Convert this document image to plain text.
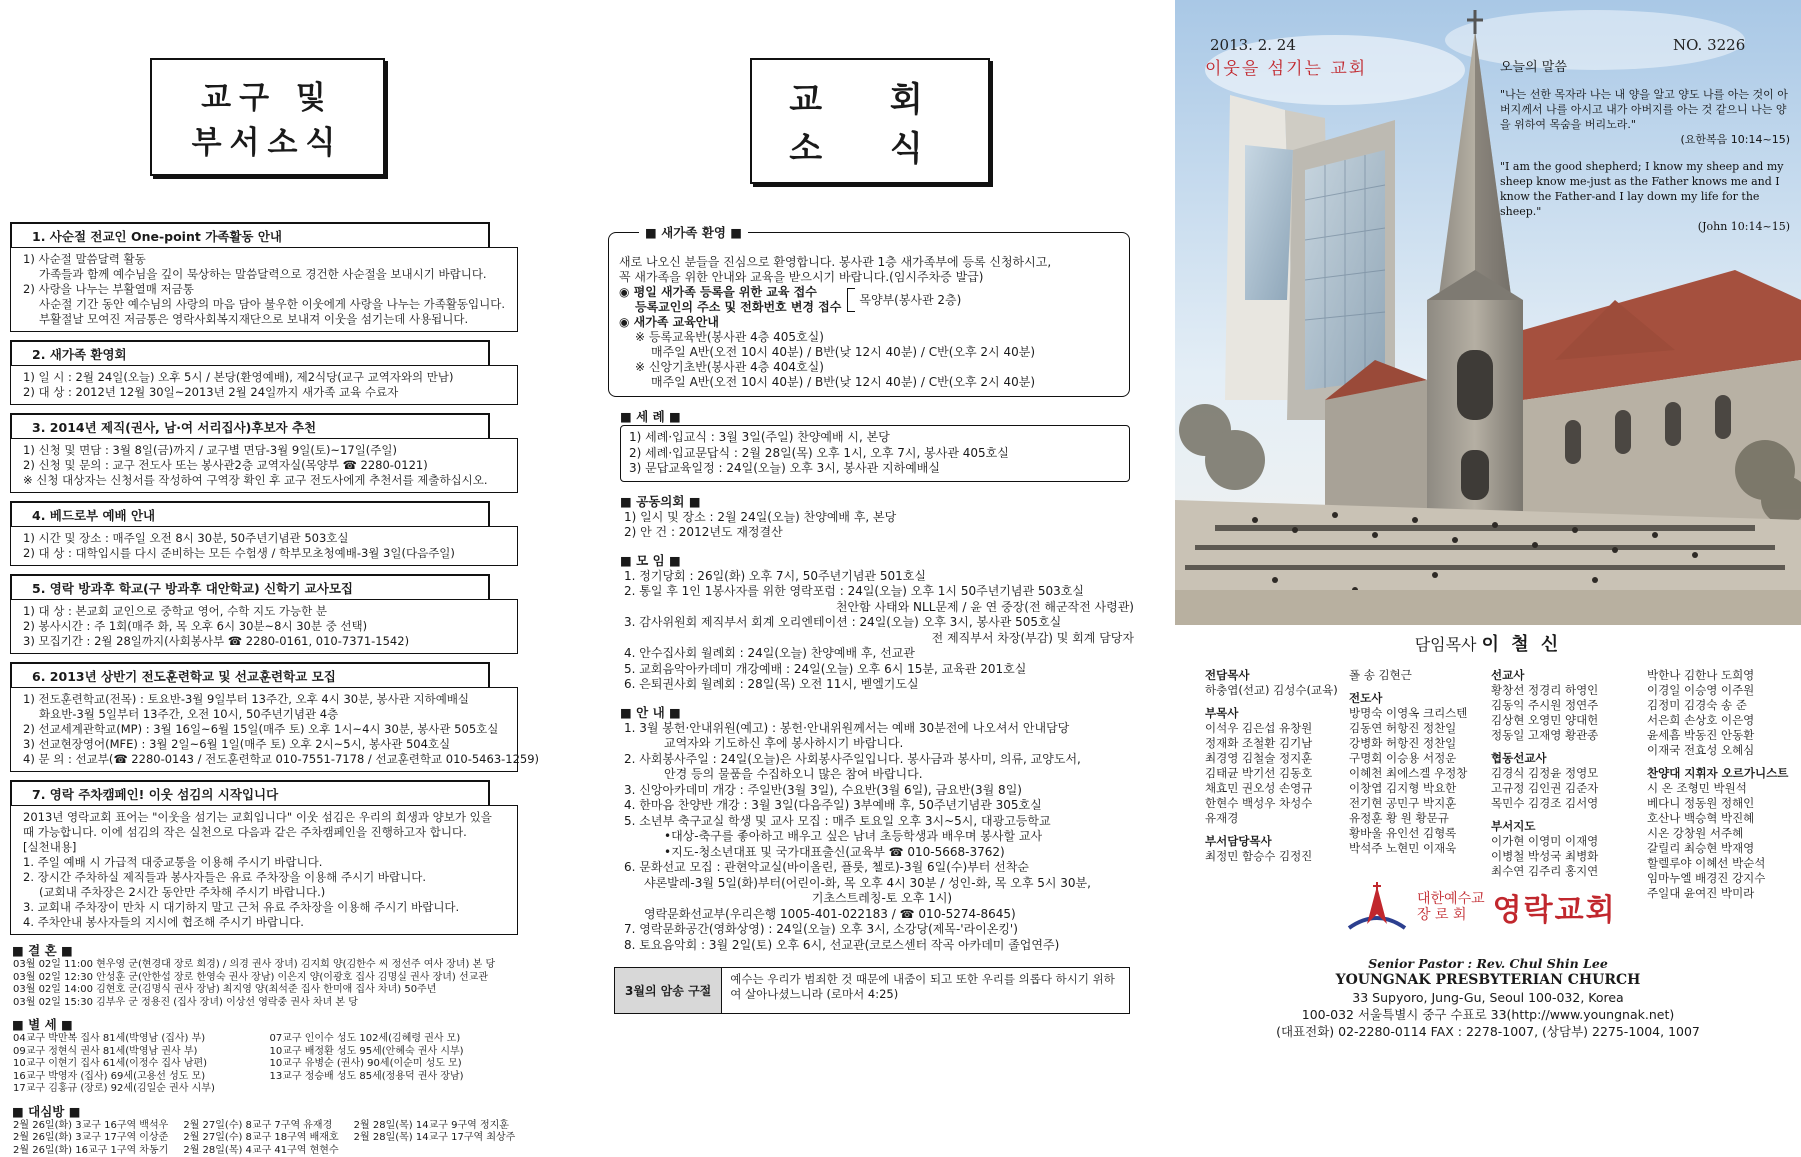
교구 및 부서소식
1. 사순절 전교인 One-point 가족활동 안내
1) 사순절 말씀달력 활동
가족들과 함께 예수님을 깊이 묵상하는 말씀달력으로 경건한 사순절을 보내시기 바랍니다.
2) 사랑을 나누는 부활열매 저금통
사순절 기간 동안 예수님의 사랑의 마음 담아 불우한 이웃에게 사랑을 나누는 가족활동입니다.
부활절날 모여진 저금통은 영락사회복지재단으로 보내져 이웃을 섬기는데 사용됩니다.
2. 새가족 환영회
1) 일 시 : 2월 24일(오늘) 오후 5시 / 본당(환영예배), 제2식당(교구 교역자와의 만남)
2) 대 상 : 2012년 12월 30일~2013년 2월 24일까지 새가족 교육 수료자
3. 2014년 제직(권사, 남·여 서리집사)후보자 추천
1) 신청 및 면담 : 3월 8일(금)까지 / 교구별 면담-3월 9일(토)~17일(주일)
2) 신청 및 문의 : 교구 전도사 또는 봉사관2층 교역자실(목양부 ☎ 2280-0121)
※ 신청 대상자는 신청서를 작성하여 구역장 확인 후 교구 전도사에게 추천서를 제출하십시오.
4. 베드로부 예배 안내
1) 시간 및 장소 : 매주일 오전 8시 30분, 50주년기념관 503호실
2) 대 상 : 대학입시를 다시 준비하는 모든 수험생 / 학부모초청예배-3월 3일(다음주일)
5. 영락 방과후 학교(구 방과후 대안학교) 신학기 교사모집
1) 대 상 : 본교회 교인으로 중학교 영어, 수학 지도 가능한 분
2) 봉사시간 : 주 1회(매주 화, 목 오후 6시 30분~8시 30분 중 선택)
3) 모집기간 : 2월 28일까지(사회봉사부 ☎ 2280-0161, 010-7371-1542)
6. 2013년 상반기 전도훈련학교 및 선교훈련학교 모집
1) 전도훈련학교(전목) : 토요반-3월 9일부터 13주간, 오후 4시 30분, 봉사관 지하예배실
화요반-3월 5일부터 13주간, 오전 10시, 50주년기념관 4층
2) 선교세계관학교(MP) : 3월 16일~6월 15일(매주 토) 오후 1시~4시 30분, 봉사관 505호실
3) 선교현장영어(MFE) : 3월 2일~6월 1일(매주 토) 오후 2시~5시, 봉사관 504호실
4) 문 의 : 선교부(☎ 2280-0143 / 전도훈련학교 010-7551-7178 / 선교훈련학교 010-5463-1259)
7. 영락 주차캠페인! 이웃 섬김의 시작입니다
2013년 영락교회 표어는 "이웃을 섬기는 교회입니다" 이웃 섬김은 우리의 희생과 양보가 있을
때 가능합니다. 이에 섬김의 작은 실천으로 다음과 같은 주차캠페인을 진행하고자 합니다.
[실천내용]
1. 주일 예배 시 가급적 대중교통을 이용해 주시기 바랍니다.
2. 장시간 주차하실 제직들과 봉사자들은 유료 주차장을 이용해 주시기 바랍니다.
(교회내 주차장은 2시간 동안만 주차해 주시기 바랍니다.)
3. 교회내 주차장이 만차 시 대기하지 말고 근처 유료 주차장을 이용해 주시기 바랍니다.
4. 주차안내 봉사자들의 지시에 협조해 주시기 바랍니다.
■ 결 혼 ■
03월 02일 11:00 현우영 군(현경대 장로 희경) / 의경 권사 장녀) 김지희 양(김한수 씨 정선주 여사 장녀) 본 당
03월 02일 12:30 안성훈 군(안한섭 장로 한영숙 권사 장남) 이은지 양(이광호 집사 김명실 권사 장녀) 선교관
03월 02일 14:00 김현호 군(김명식 권사 장남) 최지영 양(최석준 집사 한미애 집사 차녀) 50주년
03월 02일 15:30 김부우 군 정용진 (집사 장녀) 이상선 영락중 권사 차녀 본 당
■ 별 세 ■
04교구 박만복 집사 81세(박영남 (집사) 부)	07교구 인이수 성도 102세(김혜령 권사 모)
09교구 정현식 권사 81세(박영남 권사 부)	10교구 배정환 성도 95세(안혜숙 권사 시부)
10교구 이현기 집사 61세(이정수 집사 남편)	10교구 유병순 (권사) 90세(이순미 성도 모)
16교구 박영자 (집사) 69세(고용선 성도 모)	13교구 정승배 성도 85세(정용덕 권사 장남)
17교구 김홍규 (장로) 92세(김일순 권사 시부)
■ 대심방 ■
2월 26일(화) 3교구 16구역 백석우	2월 27일(수) 8교구 7구역 유재경	2월 28일(목) 14교구 9구역 정지훈
2월 26일(화) 3교구 17구역 이상준	2월 27일(수) 8교구 18구역 배재호	2월 28일(목) 14교구 17구역 최상주
2월 26일(화) 16교구 1구역 차동기	2월 28일(목) 4교구 41구역 현현수
교 회 소 식
■ 새가족 환영 ■
새로 나오신 분들을 진심으로 환영합니다. 봉사관 1층 새가족부에 등록 신청하시고,
꼭 새가족을 위한 안내와 교육을 받으시기 바랍니다.(임시주차증 발급)
◉ 평일 새가족 등록을 위한 교육 접수
등록교인의 주소 및 전화번호 변경 접수
목양부(봉사관 2층)
◉ 새가족 교육안내
※ 등록교육반(봉사관 4층 405호실)
매주일 A반(오전 10시 40분) / B반(낮 12시 40분) / C반(오후 2시 40분)
※ 신앙기초반(봉사관 4층 404호실)
매주일 A반(오전 10시 40분) / B반(낮 12시 40분) / C반(오후 2시 40분)
■ 세 례 ■
1) 세례·입교식 : 3월 3일(주일) 찬양예배 시, 본당
2) 세례·입교문답식 : 2월 28일(목) 오후 1시, 오후 7시, 봉사관 405호실
3) 문답교육일정 : 24일(오늘) 오후 3시, 봉사관 지하예배실
■ 공동의회 ■
1) 일시 및 장소 : 2월 24일(오늘) 찬양예배 후, 본당
2) 안 건 : 2012년도 재정결산
■ 모 임 ■
1. 정기당회 : 26일(화) 오후 7시, 50주년기념관 501호실
2. 통일 후 1인 1봉사자를 위한 영락포럼 : 24일(오늘) 오후 1시 50주년기념관 503호실
천안함 사태와 NLL문제 / 윤 연 중장(전 해군작전 사령관)
3. 감사위원회 제직부서 회계 오리엔테이션 : 24일(오늘) 오후 3시, 봉사관 505호실
전 제직부서 차장(부감) 및 회계 담당자
4. 안수집사회 월례회 : 24일(오늘) 찬양예배 후, 선교관
5. 교회음악아카데미 개강예배 : 24일(오늘) 오후 6시 15분, 교육관 201호실
6. 은퇴권사회 월례회 : 28일(목) 오전 11시, 벧엘기도실
■ 안 내 ■
1. 3월 봉헌·안내위원(예고) : 봉헌·안내위원께서는 예배 30분전에 나오셔서 안내담당
교역자와 기도하신 후에 봉사하시기 바랍니다.
2. 사회봉사주일 : 24일(오늘)은 사회봉사주일입니다. 봉사금과 봉사미, 의류, 교양도서,
안경 등의 물품을 수집하오니 많은 참여 바랍니다.
3. 신앙아카데미 개강 : 주일반(3월 3일), 수요반(3월 6일), 금요반(3월 8일)
4. 한마음 찬양반 개강 : 3월 3일(다음주일) 3부예배 후, 50주년기념관 305호실
5. 소년부 축구교실 학생 및 교사 모집 : 매주 토요일 오후 3시~5시, 대광고등학교
•대상-축구를 좋아하고 배우고 싶은 남녀 초등학생과 배우며 봉사할 교사
•지도-청소년대표 및 국가대표출신(교육부 ☎ 010-5668-3762)
6. 문화선교 모집 : 관현악교실(바이올린, 플룻, 첼로)-3월 6일(수)부터 선착순
샤론발레-3월 5일(화)부터(어린이-화, 목 오후 4시 30분 / 성인-화, 목 오후 5시 30분,
기초스트레칭-토 오후 1시)
영락문화선교부(우리은행 1005-401-022183 / ☎ 010-5274-8645)
7. 영락문화공간(영화상영) : 24일(오늘) 오후 3시, 소강당(제목-'라이온킹')
8. 토요음악회 : 3월 2일(토) 오후 6시, 선교관(코로스센터 작곡 아카데미 졸업연주)
3월의 암송 구절
예수는 우리가 범죄한 것 때문에 내줌이 되고 또한 우리를 의롭다 하시기 위하여 살아나셨느니라 (로마서 4:25)
2013. 2. 24
이웃을 섬기는 교회
NO. 3226
오늘의 말씀
"나는 선한 목자라 나는 내 양을 알고 양도 나를 아는 것이 아버지께서 나를 아시고 내가 아버지를 아는 것 같으니 나는 양을 위하여 목숨을 버리노라."
(요한복음 10:14~15)
"I am the good shepherd; I know my sheep and my sheep know me-just as the Father knows me and I know the Father-and I lay down my life for the sheep."
(John 10:14~15)
담임목사 이 철 신
전담목사
하충엽(선교) 김성수(교육)
부목사
이석우 김은섭 유창원
정재화 조철환 김기남
최경영 김철술 정지훈
김태균 박기선 김동호
채효민 권오성 손영규
한현수 백성우 차성수
유재경
부서담당목사
최정민 함승수 김정진
폴 송 김현근
전도사
방명숙 이영옥 크리스텐
김동연 허항진 정찬일
강병화 허항진 정찬일
구명회 이승용 서정운
이혜천 최에스겔 우정창
이창엽 김지형 박요한
전기현 공민구 박지훈
유정훈 황 원 황문규
황바울 유인선 김형록
박석주 노현민 이재욱
선교사
황창선 정경리 하영인
김동익 주시원 정연주
김상현 오영민 양대헌
정동일 고재영 황관종
협동선교사
김경식 김정윤 정영모
고규정 김인권 김준자
목민수 김경조 김서영
부서지도
이가현 이영미 이재영
이병철 박성국 최병화
최수연 김주리 홍지연
박한나 김한나 도희영
이경일 이승영 이주원
김정미 김경숙 송 준
서은희 손상호 이은영
윤세흠 박동진 안동환
이재국 전효성 오혜심
찬양대 지휘자 오르가니스트
시 온 조형민 박원석
베다니 정동원 정해인
호산나 백승혁 박진혜
시온 강창원 서주혜
갈릴리 최승현 박재영
할렐루야 이혜선 박순석
임마누엘 배경진 강지수
주일대 윤여진 박미라
대한예수교
장 로 회 영락교회
Senior Pastor : Rev. Chul Shin Lee
YOUNGNAK PRESBYTERIAN CHURCH
33 Supyoro, Jung-Gu, Seoul 100-032, Korea
100-032 서울특별시 중구 수표로 33(http://www.youngnak.net)
(대표전화) 02-2280-0114 FAX : 2278-1007, (상담부) 2275-1004, 1007
